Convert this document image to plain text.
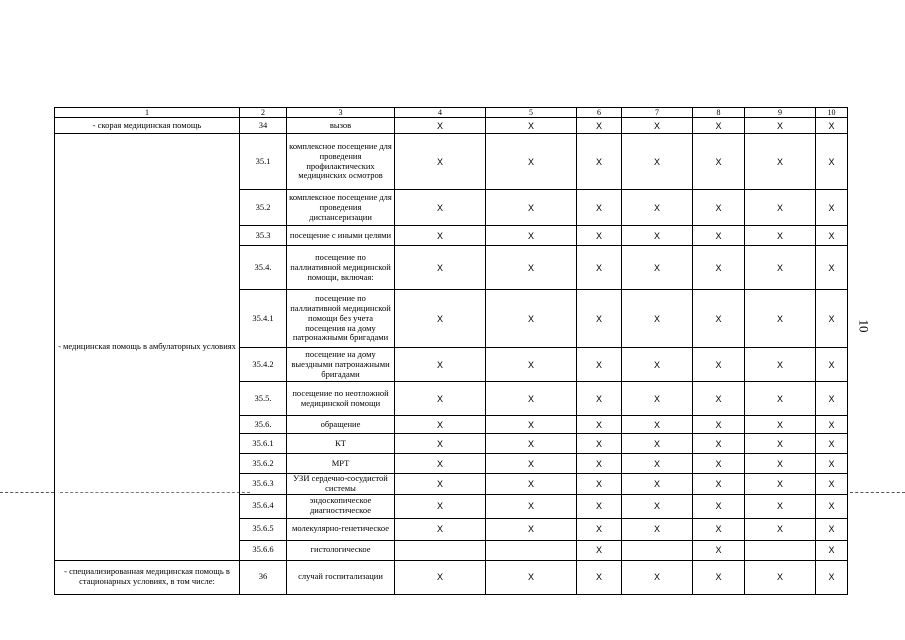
1	2	3	4	5	6	7	8	9	10
- скорая медицинская помощь	34	вызов	X	X	X	X	X	X	X
- медицинская помощь в амбулаторных условиях	35.1	комплексное посещение для проведения профилактических медицинских осмотров	X	X	X	X	X	X	X
	35.2	комплексное посещение для проведения диспансеризации	X	X	X	X	X	X	X
	35.3	посещение с иными целями	X	X	X	X	X	X	X
	35.4.	посещение по паллиативной медицинской помощи, включая:	X	X	X	X	X	X	X
	35.4.1	посещение по паллиативной медицинской помощи без учета посещения на дому патронажными бригадами	X	X	X	X	X	X	X
	35.4.2	посещение на дому выездными патронажными бригадами	X	X	X	X	X	X	X
	35.5.	посещение по неотложной медицинской помощи	X	X	X	X	X	X	X
	35.6.	обращение	X	X	X	X	X	X	X
	35.6.1	КТ	X	X	X	X	X	X	X
	35.6.2	МРТ	X	X	X	X	X	X	X
	35.6.3	УЗИ сердечно-сосудистой системы	X	X	X	X	X	X	X
	35.6.4	эндоскопическое диагностическое	X	X	X	X	X	X	X
	35.6.5	молекулярно-генетическое	X	X	X	X	X	X	X
	35.6.6	гистологическое			X		X		X
- специализированная медицинская помощь в стационарных условиях, в том числе:	36	случай госпитализации	X	X	X	X	X	X	X
10
